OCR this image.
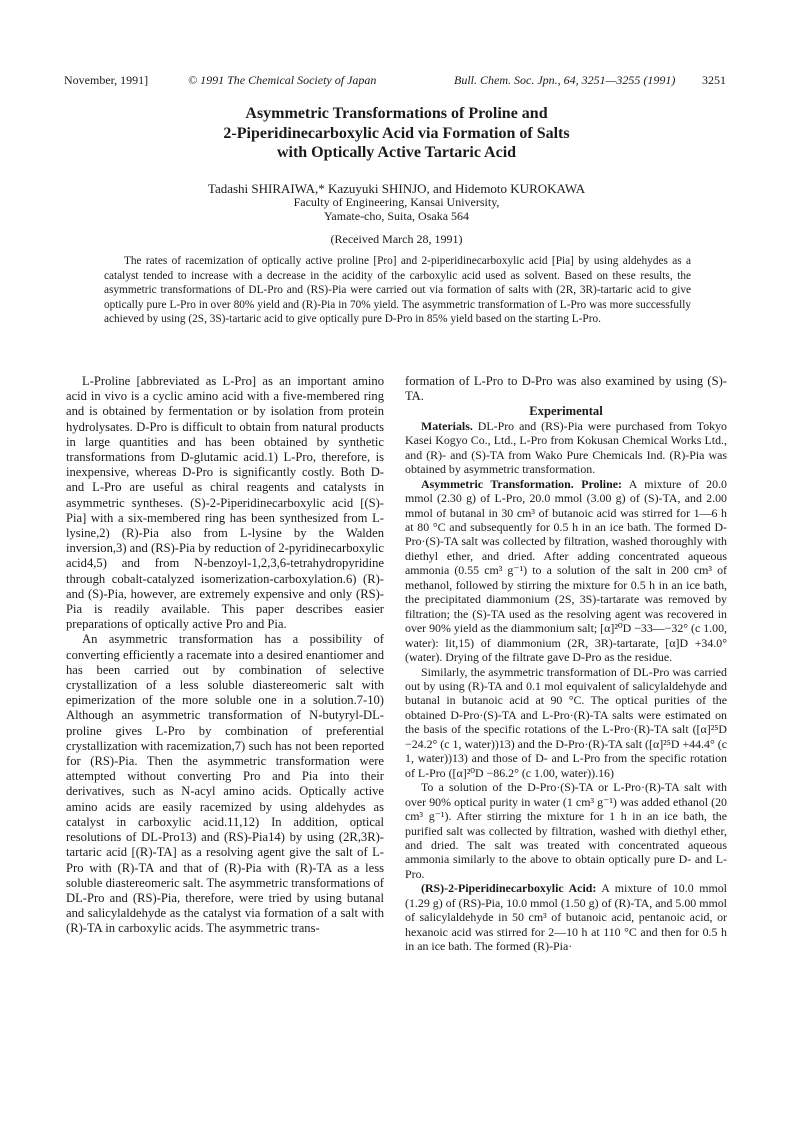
November, 1991]	© 1991 The Chemical Society of Japan	Bull. Chem. Soc. Jpn., 64, 3251—3255 (1991) 3251
Asymmetric Transformations of Proline and
2-Piperidinecarboxylic Acid via Formation of Salts
with Optically Active Tartaric Acid
Tadashi SHIRAIWA,* Kazuyuki SHINJO, and Hidemoto KUROKAWA
Faculty of Engineering, Kansai University,
Yamate-cho, Suita, Osaka 564
(Received March 28, 1991)
The rates of racemization of optically active proline [Pro] and 2-piperidinecarboxylic acid [Pia] by using aldehydes as a catalyst tended to increase with a decrease in the acidity of the carboxylic acid used as solvent. Based on these results, the asymmetric transformations of DL-Pro and (RS)-Pia were carried out via formation of salts with (2R, 3R)-tartaric acid to give optically pure L-Pro in over 80% yield and (R)-Pia in 70% yield. The asymmetric transformation of L-Pro was more successfully achieved by using (2S, 3S)-tartaric acid to give optically pure D-Pro in 85% yield based on the starting L-Pro.

L-Proline [abbreviated as L-Pro] as an important amino acid in vivo is a cyclic amino acid with a five-membered ring and is obtained by fermentation or by isolation from protein hydrolysates. D-Pro is difficult to obtain from natural products in large quantities and has been obtained by synthetic transformations from D-glutamic acid.1) L-Pro, therefore, is inexpensive, whereas D-Pro is significantly costly. Both D- and L-Pro are useful as chiral reagents and catalysts in asymmetric syntheses. (S)-2-Piperidinecarboxylic acid [(S)-Pia] with a six-membered ring has been synthesized from L-lysine,2) (R)-Pia also from L-lysine by the Walden inversion,3) and (RS)-Pia by reduction of 2-pyridinecarboxylic acid4,5) and from N-benzoyl-1,2,3,6-tetrahydropyridine through cobalt-catalyzed isomerization-carboxylation.6) (R)- and (S)-Pia, however, are extremely expensive and only (RS)-Pia is readily available. This paper describes easier preparations of optically active Pro and Pia.

An asymmetric transformation has a possibility of converting efficiently a racemate into a desired enantiomer and has been carried out by combination of selective crystallization of a less soluble diastereomeric salt with epimerization of the more soluble one in a solution.7-10) Although an asymmetric transformation of N-butyryl-DL-proline gives L-Pro by combination of preferential crystallization with racemization,7) such has not been reported for (RS)-Pia. Then the asymmetric transformation were attempted without converting Pro and Pia into their derivatives, such as N-acyl amino acids. Optically active amino acids are easily racemized by using aldehydes as catalyst in carboxylic acid.11,12) In addition, optical resolutions of DL-Pro13) and (RS)-Pia14) by using (2R,3R)-tartaric acid [(R)-TA] as a resolving agent give the salt of L-Pro with (R)-TA and that of (R)-Pia with (R)-TA as a less soluble diastereomeric salt. The asymmetric transformations of DL-Pro and (RS)-Pia, therefore, were tried by using butanal and salicylaldehyde as the catalyst via formation of a salt with (R)-TA in carboxylic acids. The asymmetric trans-

formation of L-Pro to D-Pro was also examined by using (S)-TA.

Experimental

Materials. DL-Pro and (RS)-Pia were purchased from Tokyo Kasei Kogyo Co., Ltd., L-Pro from Kokusan Chemical Works Ltd., and (R)- and (S)-TA from Wako Pure Chemicals Ind. (R)-Pia was obtained by asymmetric transformation.

Asymmetric Transformation. Proline: A mixture of 20.0 mmol (2.30 g) of L-Pro, 20.0 mmol (3.00 g) of (S)-TA, and 2.00 mmol of butanal in 30 cm³ of butanoic acid was stirred for 1—6 h at 80 °C and subsequently for 0.5 h in an ice bath. The formed D-Pro·(S)-TA salt was collected by filtration, washed thoroughly with diethyl ether, and dried. After adding concentrated aqueous ammonia (0.55 cm³ g⁻¹) to a solution of the salt in 200 cm³ of methanol, followed by stirring the mixture for 0.5 h in an ice bath, the precipitated diammonium (2S, 3S)-tartarate was removed by filtration; the (S)-TA used as the resolving agent was recovered in over 90% yield as the diammonium salt; [α]²⁰D −33—−32° (c 1.00, water): lit,15) of diammonium (2R, 3R)-tartarate, [α]D +34.0° (water). Drying of the filtrate gave D-Pro as the residue.

Similarly, the asymmetric transformation of DL-Pro was carried out by using (R)-TA and 0.1 mol equivalent of salicylaldehyde and butanal in butanoic acid at 90 °C. The optical purities of the obtained D-Pro·(S)-TA and L-Pro·(R)-TA salts were estimated on the basis of the specific rotations of the L-Pro·(R)-TA salt ([α]²⁵D −24.2° (c 1, water))13) and the D-Pro·(R)-TA salt ([α]²⁵D +44.4° (c 1, water))13) and those of D- and L-Pro from the specific rotation of L-Pro ([α]²⁰D −86.2° (c 1.00, water)).16)

To a solution of the D-Pro·(S)-TA or L-Pro·(R)-TA salt with over 90% optical purity in water (1 cm³ g⁻¹) was added ethanol (20 cm³ g⁻¹). After stirring the mixture for 1 h in an ice bath, the purified salt was collected by filtration, washed with diethyl ether, and dried. The salt was treated with concentrated aqueous ammonia similarly to the above to obtain optically pure D- and L-Pro.

(RS)-2-Piperidinecarboxylic Acid: A mixture of 10.0 mmol (1.29 g) of (RS)-Pia, 10.0 mmol (1.50 g) of (R)-TA, and 5.00 mmol of salicylaldehyde in 50 cm³ of butanoic acid, pentanoic acid, or hexanoic acid was stirred for 2—10 h at 110 °C and then for 0.5 h in an ice bath. The formed (R)-Pia·
